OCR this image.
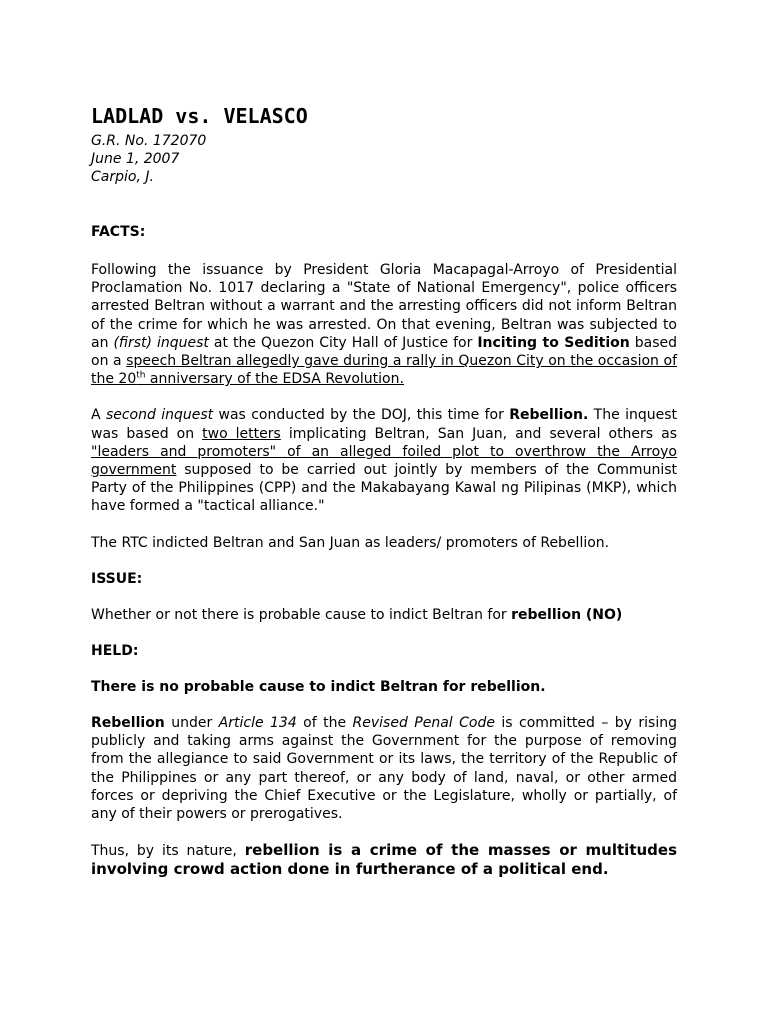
LADLAD vs. VELASCO

G.R. No. 172070

June 1, 2007

Carpio, J.

FACTS:

Following the issuance by President Gloria Macapagal-Arroyo of Presidential Proclamation No. 1017 declaring a "State of National Emergency", police officers arrested Beltran without a warrant and the arresting officers did not inform Beltran of the crime for which he was arrested. On that evening, Beltran was subjected to an (first) inquest at the Quezon City Hall of Justice for Inciting to Sedition based on a speech Beltran allegedly gave during a rally in Quezon City on the occasion of the 20th anniversary of the EDSA Revolution.

A second inquest was conducted by the DOJ, this time for Rebellion. The inquest was based on two letters implicating Beltran, San Juan, and several others as "leaders and promoters" of an alleged foiled plot to overthrow the Arroyo government supposed to be carried out jointly by members of the Communist Party of the Philippines (CPP) and the Makabayang Kawal ng Pilipinas (MKP), which have formed a "tactical alliance."

The RTC indicted Beltran and San Juan as leaders/ promoters of Rebellion.

ISSUE:

Whether or not there is probable cause to indict Beltran for rebellion (NO)

HELD:

There is no probable cause to indict Beltran for rebellion.

Rebellion under Article 134 of the Revised Penal Code is committed – by rising publicly and taking arms against the Government for the purpose of removing from the allegiance to said Government or its laws, the territory of the Republic of the Philippines or any part thereof, or any body of land, naval, or other armed forces or depriving the Chief Executive or the Legislature, wholly or partially, of any of their powers or prerogatives.

Thus, by its nature, rebellion is a crime of the masses or multitudes involving crowd action done in furtherance of a political end.
